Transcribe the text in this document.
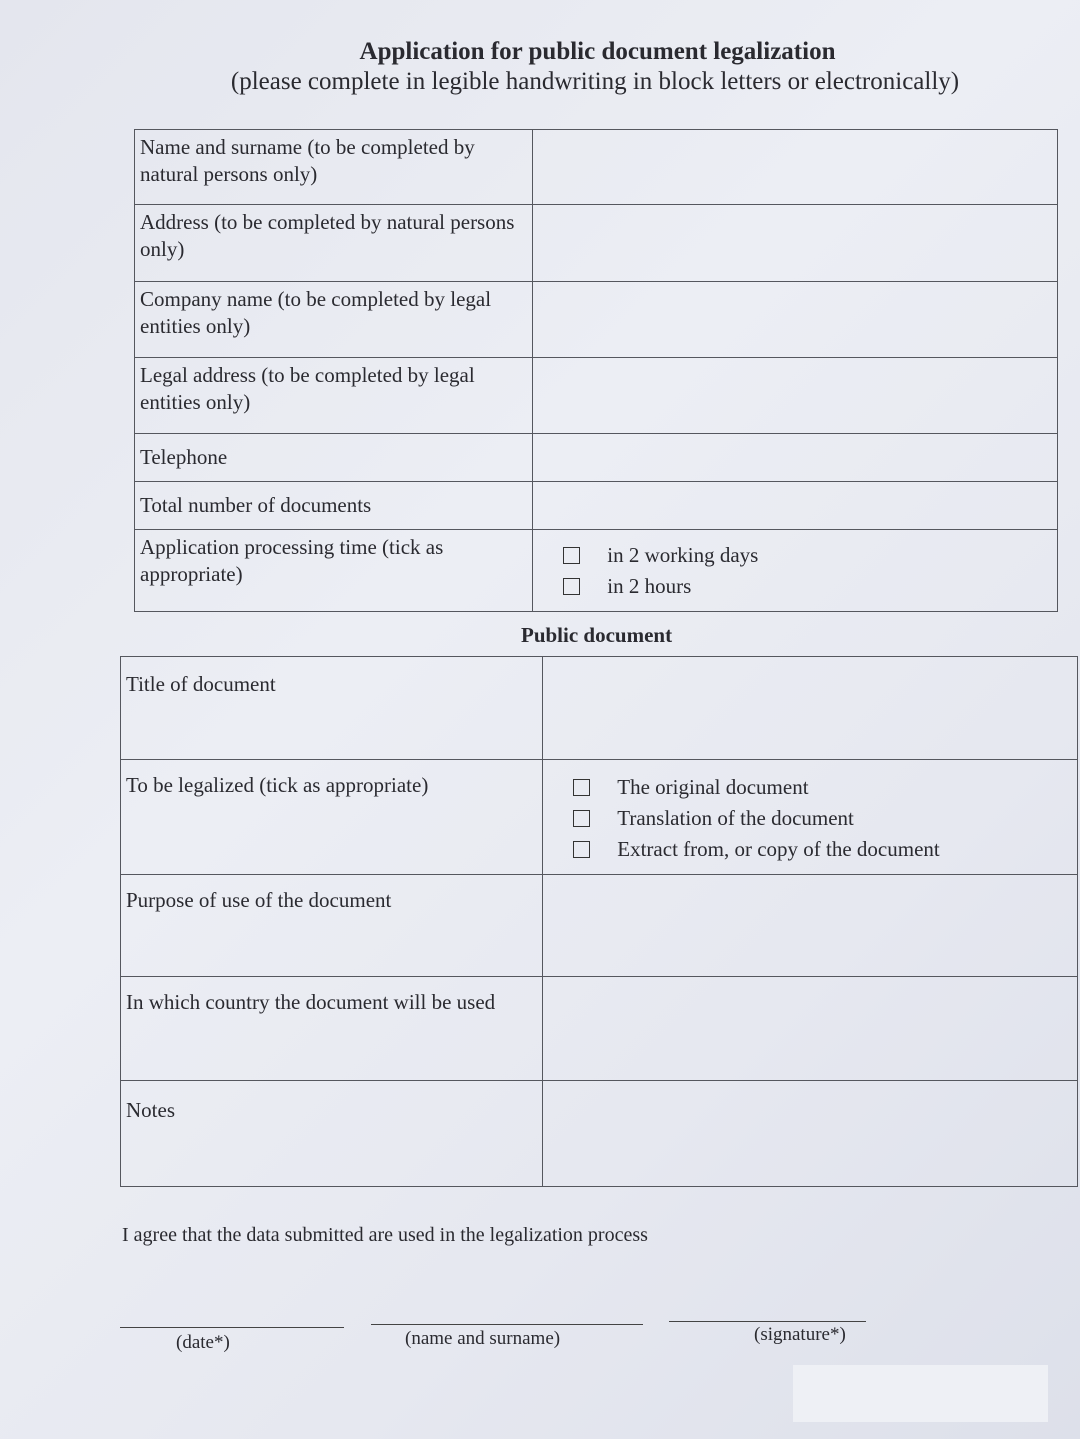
Application for public document legalization
(please complete in legible handwriting in block letters or electronically)
Name and surname (to be completed by natural persons only)	
Address (to be completed by natural persons only)	
Company name (to be completed by legal entities only)	
Legal address (to be completed by legal entities only)	
Telephone	
Total number of documents	
Application processing time (tick as appropriate)	in 2 working days
in 2 hours
Public document
Title of document	
To be legalized (tick as appropriate)	The original document
Translation of the document
Extract from, or copy of the document

Purpose of use of the document	
In which country the document will be used	
Notes	
I agree that the data submitted are used in the legalization process
(date*)	(name and surname)	(signature*)
